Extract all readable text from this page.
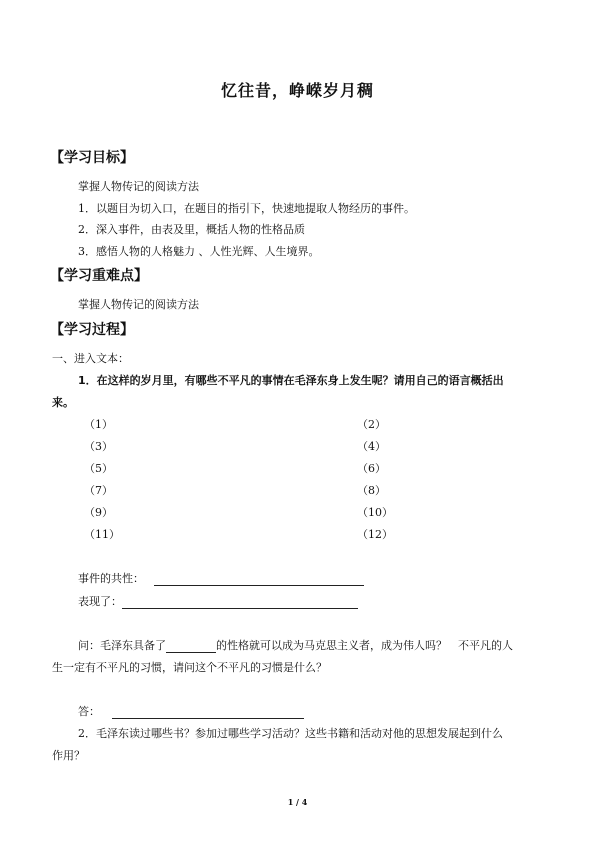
忆往昔，峥嵘岁月稠
【学习目标】
掌握人物传记的阅读方法
1．以题目为切入口，在题目的指引下，快速地提取人物经历的事件。
2．深入事件，由表及里，概括人物的性格品质
3．感悟人物的人格魅力 、人性光辉、人生境界。
【学习重难点】
掌握人物传记的阅读方法
【学习过程】
一、进入文本：
1．在这样的岁月里，有哪些不平凡的事情在毛泽东身上发生呢？请用自己的语言概括出
来。
（1）	（2）
（3）	（4）
（5）	（6）
（7）	（8）
（9）	（10）
（11）	（12）
事件的共性：
表现了：
问：毛泽东具备了	的性格就可以成为马克思主义者，成为伟人吗？　不平凡的人
生一定有不平凡的习惯，请问这个不平凡的习惯是什么？
答：
2．毛泽东读过哪些书？参加过哪些学习活动？这些书籍和活动对他的思想发展起到什么
作用？
1 / 4
